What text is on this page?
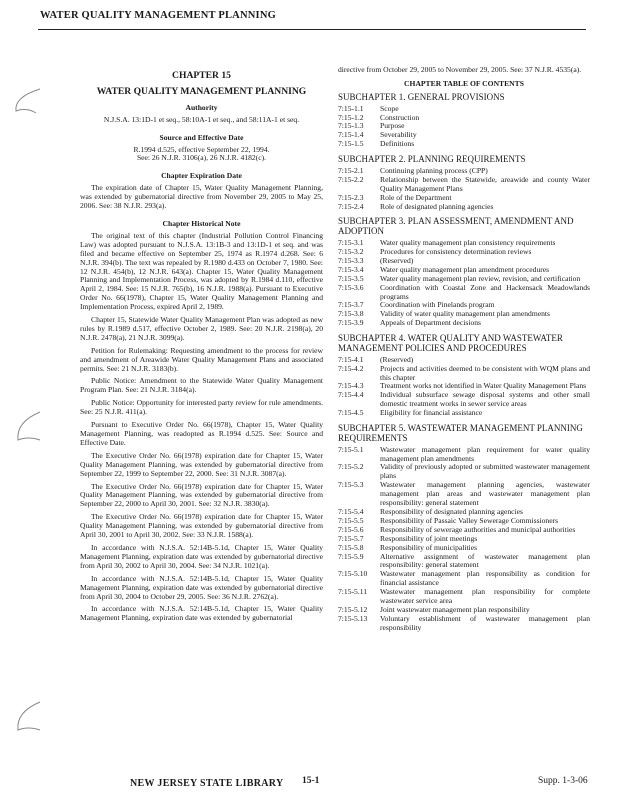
WATER QUALITY MANAGEMENT PLANNING
CHAPTER 15
WATER QUALITY MANAGEMENT PLANNING
Authority
N.J.S.A. 13:1D-1 et seq., 58:10A-1 et seq., and 58:11A-1 et seq.
Source and Effective Date
R.1994 d.525, effective September 22, 1994.
See: 26 N.J.R. 3106(a), 26 N.J.R. 4182(c).
Chapter Expiration Date
The expiration date of Chapter 15, Water Quality Management Planning, was extended by gubernatorial directive from November 29, 2005 to May 25, 2006. See: 38 N.J.R. 293(a).
Chapter Historical Note
The original text of this chapter (Industrial Pollution Control Financing Law) was adopted pursuant to N.J.S.A. 13:1B-3 and 13:1D-1 et seq. and was filed and became effective on September 25, 1974 as R.1974 d.268. See: 6 N.J.R. 394(b). The text was repealed by R.1980 d.433 on October 7, 1980. See: 12 N.J.R. 454(b), 12 N.J.R. 643(a). Chapter 15, Water Quality Management Planning and Implementation Process, was adopted by R.1984 d.110, effective April 2, 1984. See: 15 N.J.R. 765(b), 16 N.J.R. 1988(a). Pursuant to Executive Order No. 66(1978), Chapter 15, Water Quality Management Planning and Implementation Process, expired April 2, 1989.
Chapter 15, Statewide Water Quality Management Plan was adopted as new rules by R.1989 d.517, effective October 2, 1989. See: 20 N.J.R. 2198(a), 20 N.J.R. 2478(a), 21 N.J.R. 3099(a).
Petition for Rulemaking: Requesting amendment to the process for review and amendment of Areawide Water Quality Management Plans and associated permits. See: 21 N.J.R. 3183(b).
Public Notice: Amendment to the Statewide Water Quality Management Program Plan. See: 21 N.J.R. 3184(a).
Public Notice: Opportunity for interested party review for rule amendments. See: 25 N.J.R. 411(a).
Pursuant to Executive Order No. 66(1978), Chapter 15, Water Quality Management Planning, was readopted as R.1994 d.525. See: Source and Effective Date.
The Executive Order No. 66(1978) expiration date for Chapter 15, Water Quality Management Planning, was extended by gubernatorial directive from September 22, 1999 to September 22, 2000. See: 31 N.J.R. 3087(a).
The Executive Order No. 66(1978) expiration date for Chapter 15, Water Quality Management Planning, was extended by gubernatorial directive from September 22, 2000 to April 30, 2001. See: 32 N.J.R. 3830(a).
The Executive Order No. 66(1978) expiration date for Chapter 15, Water Quality Management Planning, was extended by gubernatorial directive from April 30, 2001 to April 30, 2002. See: 33 N.J.R. 1588(a).
In accordance with N.J.S.A. 52:14B-5.1d, Chapter 15, Water Quality Management Planning, expiration date was extended by gubernatorial directive from April 30, 2002 to April 30, 2004. See: 34 N.J.R. 1021(a).
In accordance with N.J.S.A. 52:14B-5.1d, Chapter 15, Water Quality Management Planning, expiration date was extended by gubernatorial directive from April 30, 2004 to October 29, 2005. See: 36 N.J.R. 2762(a).
In accordance with N.J.S.A. 52:14B-5.1d, Chapter 15, Water Quality Management Planning, expiration date was extended by gubernatorial
directive from October 29, 2005 to November 29, 2005. See: 37 N.J.R. 4535(a).
CHAPTER TABLE OF CONTENTS
SUBCHAPTER 1. GENERAL PROVISIONS
7:15-1.1	Scope
7:15-1.2	Construction
7:15-1.3	Purpose
7:15-1.4	Severability
7:15-1.5	Definitions
SUBCHAPTER 2. PLANNING REQUIREMENTS
7:15-2.1	Continuing planning process (CPP)
7:15-2.2	Relationship between the Statewide, areawide and county Water Quality Management Plans
7:15-2.3	Role of the Department
7:15-2.4	Role of designated planning agencies
SUBCHAPTER 3. PLAN ASSESSMENT, AMENDMENT AND ADOPTION
7:15-3.1	Water quality management plan consistency requirements
7:15-3.2	Procedures for consistency determination reviews
7:15-3.3	(Reserved)
7:15-3.4	Water quality management plan amendment procedures
7:15-3.5	Water quality management plan review, revision, and certification
7:15-3.6	Coordination with Coastal Zone and Hackensack Meadowlands programs
7:15-3.7	Coordination with Pinelands program
7:15-3.8	Validity of water quality management plan amendments
7:15-3.9	Appeals of Department decisions
SUBCHAPTER 4. WATER QUALITY AND WASTEWATER MANAGEMENT POLICIES AND PROCEDURES
7:15-4.1	(Reserved)
7:15-4.2	Projects and activities deemed to be consistent with WQM plans and this chapter
7:15-4.3	Treatment works not identified in Water Quality Management Plans
7:15-4.4	Individual subsurface sewage disposal systems and other small domestic treatment works in sewer service areas
7:15-4.5	Eligibility for financial assistance
SUBCHAPTER 5. WASTEWATER MANAGEMENT PLANNING REQUIREMENTS
7:15-5.1	Wastewater management plan requirement for water quality management plan amendments
7:15-5.2	Validity of previously adopted or submitted wastewater management plans
7:15-5.3	Wastewater management planning agencies, wastewater management plan areas and wastewater management plan responsibility: general statement
7:15-5.4	Responsibility of designated planning agencies
7:15-5.5	Responsibility of Passaic Valley Sewerage Commissioners
7:15-5.6	Responsibility of sewerage authorities and municipal authorities
7:15-5.7	Responsibility of joint meetings
7:15-5.8	Responsibility of municipalities
7:15-5.9	Alternative assignment of wastewater management plan responsibility: general statement
7:15-5.10	Wastewater management plan responsibility as condition for financial assistance
7:15-5.11	Wastewater management plan responsibility for complete wastewater service area
7:15-5.12	Joint wastewater management plan responsibility
7:15-5.13	Voluntary establishment of wastewater management plan responsibility
NEW JERSEY STATE LIBRARY 15-1	Supp. 1-3-06
